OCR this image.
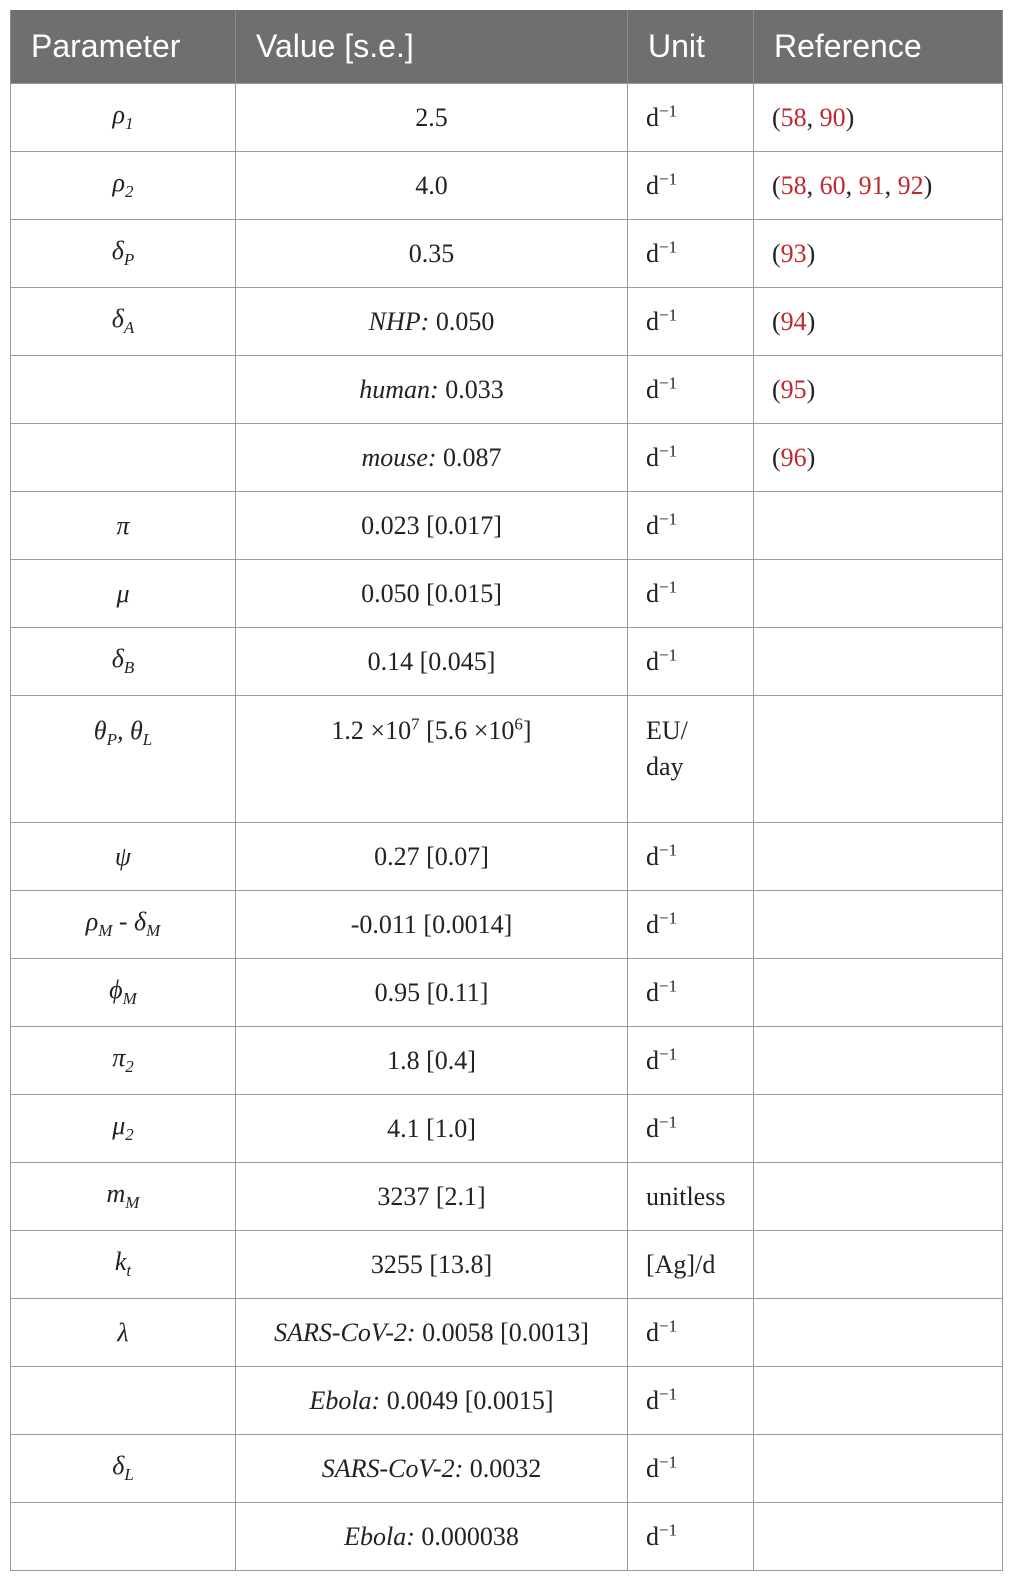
Parameter	Value [s.e.]	Unit	Reference
$\rho_1$	2.5	$d^{-1}$	(58, 90)
$\rho_2$	4.0	$d^{-1}$	(58, 60, 91, 92)
$\delta_P$	0.35	$d^{-1}$	(93)
$\delta_A$	NHP: 0.050	$d^{-1}$	(94)
	human: 0.033	$d^{-1}$	(95)
	mouse: 0.087	$d^{-1}$	(96)
π	0.023 [0.017]	$d^{-1}$	
μ	0.050 [0.015]	$d^{-1}$	
$\delta_B$	0.14 [0.045]	$d^{-1}$	
$\theta_P$, $\theta_L$	$1.2 \times 10^7$ $[5.6 \times 10^6]$	EU/
day	
ψ	0.27 [0.07]	$d^{-1}$	
$\rho_M - \delta_M$	-0.011 [0.0014]	$d^{-1}$	
$\phi_M$	0.95 [0.11]	$d^{-1}$	
$\pi_2$	1.8 [0.4]	$d^{-1}$	
$\mu_2$	4.1 [1.0]	$d^{-1}$	
$m_M$	3237 [2.1]	unitless	
$k_t$	3255 [13.8]	[Ag]/d	
λ	SARS-CoV-2: 0.0058 [0.0013]	$d^{-1}$	
	Ebola: 0.0049 [0.0015]	$d^{-1}$	
$\delta_L$	SARS-CoV-2: 0.0032	$d^{-1}$	
	Ebola: 0.000038	$d^{-1}$	
